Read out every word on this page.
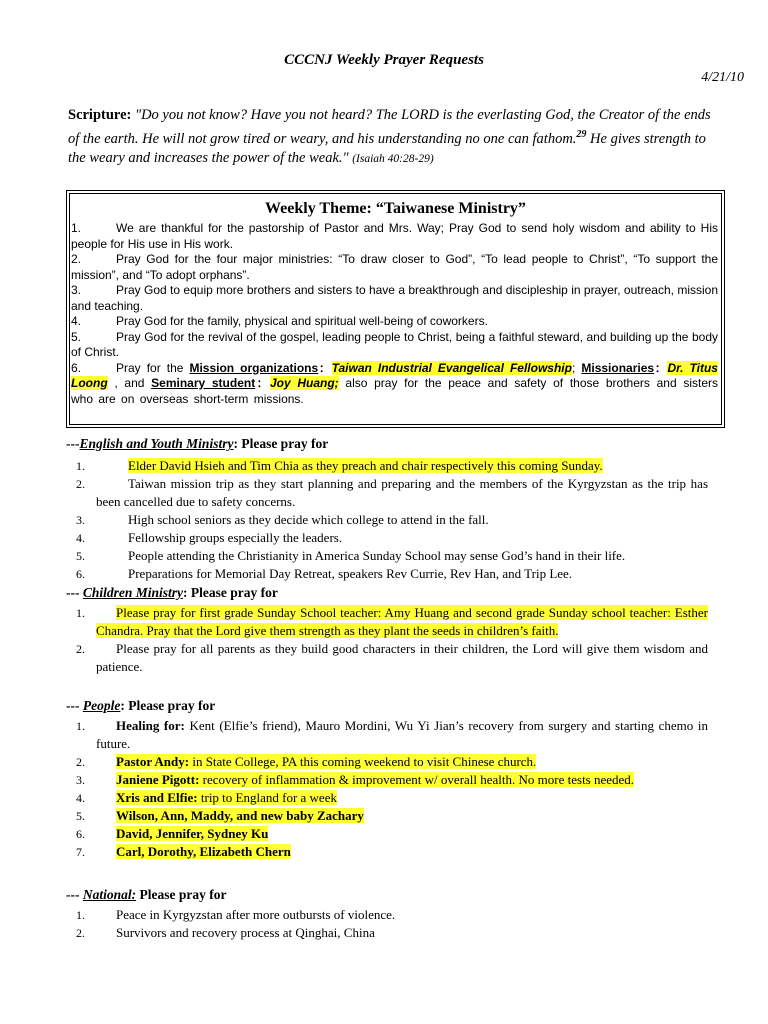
CCCNJ Weekly Prayer Requests
4/21/10
Scripture: "Do you not know? Have you not heard? The LORD is the everlasting God, the Creator of the ends of the earth. He will not grow tired or weary, and his understanding no one can fathom.$^{29}$ He gives strength to the weary and increases the power of the weak." (Isaiah 40:28-29)
Weekly Theme: “Taiwanese Ministry”
1.	We are thankful for the pastorship of Pastor and Mrs. Way; Pray God to send holy wisdom and ability to His people for His use in His work.
2.	Pray God for the four major ministries: “To draw closer to God”, “To lead people to Christ”, “To support the mission”, and “To adopt orphans”.
3.	Pray God to equip more brothers and sisters to have a breakthrough and discipleship in prayer, outreach, mission and teaching.
4.	Pray God for the family, physical and spiritual well-being of coworkers.
5.	Pray God for the revival of the gospel, leading people to Christ, being a faithful steward, and building up the body of Christ.
6.	Pray for the Mission organizations：Taiwan Industrial Evangelical Fellowship; Missionaries：Dr. Titus Loong , and Seminary student：Joy Huang; also pray for the peace and safety of those brothers and sisters who are on overseas short-term missions.
---English and Youth Ministry: Please pray for
1.	Elder David Hsieh and Tim Chia as they preach and chair respectively this coming Sunday.
2.	Taiwan mission trip as they start planning and preparing and the members of the Kyrgyzstan as the trip has been cancelled due to safety concerns.
3.	High school seniors as they decide which college to attend in the fall.
4.	Fellowship groups especially the leaders.
5.	People attending the Christianity in America Sunday School may sense God’s hand in their life.
6.	Preparations for Memorial Day Retreat, speakers Rev Currie, Rev Han, and Trip Lee.
--- Children Ministry: Please pray for
1. Please pray for first grade Sunday School teacher: Amy Huang and second grade Sunday school teacher: Esther Chandra. Pray that the Lord give them strength as they plant the seeds in children’s faith.
2. Please pray for all parents as they build good characters in their children, the Lord will give them wisdom and patience.
--- People: Please pray for
1. Healing for: Kent (Elfie’s friend), Mauro Mordini, Wu Yi Jian’s recovery from surgery and starting chemo in future.
2. Pastor Andy: in State College, PA this coming weekend to visit Chinese church.
3. Janiene Pigott: recovery of inflammation & improvement w/ overall health. No more tests needed.
4. Xris and Elfie: trip to England for a week
5. Wilson, Ann, Maddy, and new baby Zachary
6. David, Jennifer, Sydney Ku
7. Carl, Dorothy, Elizabeth Chern
--- National: Please pray for
1. Peace in Kyrgyzstan after more outbursts of violence.
2. Survivors and recovery process at Qinghai, China
